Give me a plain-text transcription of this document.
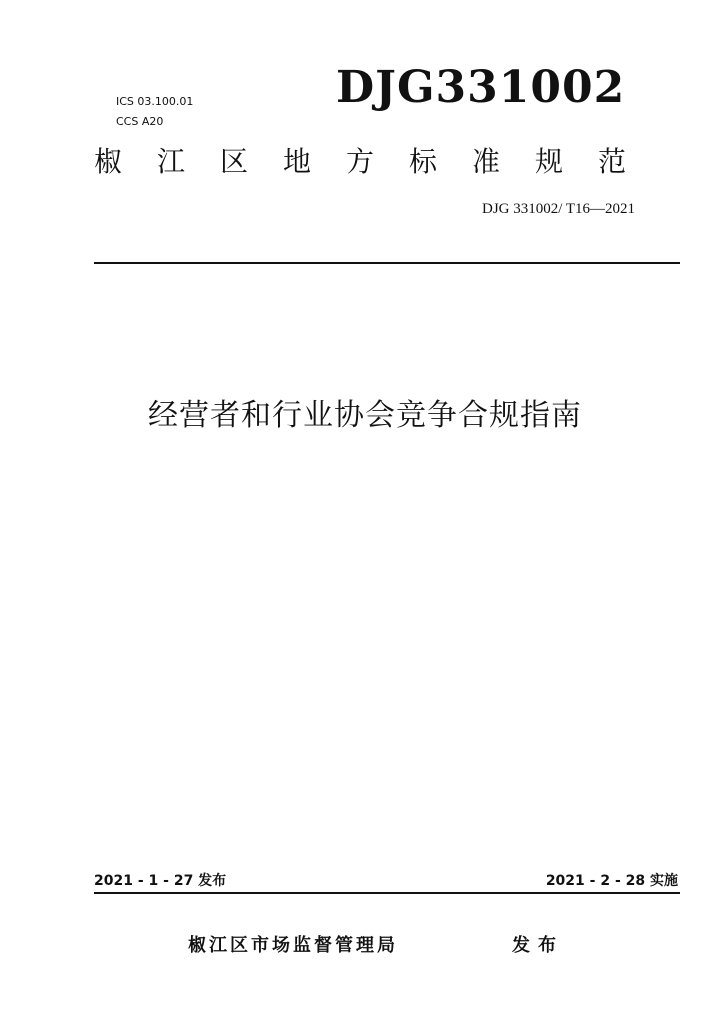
ICS 03.100.01
CCS A20
DJG331002
椒江区地方标准规范
DJG 331002/ T16—2021
经营者和行业协会竞争合规指南
2021 - 1 - 27 发布	2021 - 2 - 28 实施
椒江区市场监督管理局	发布
